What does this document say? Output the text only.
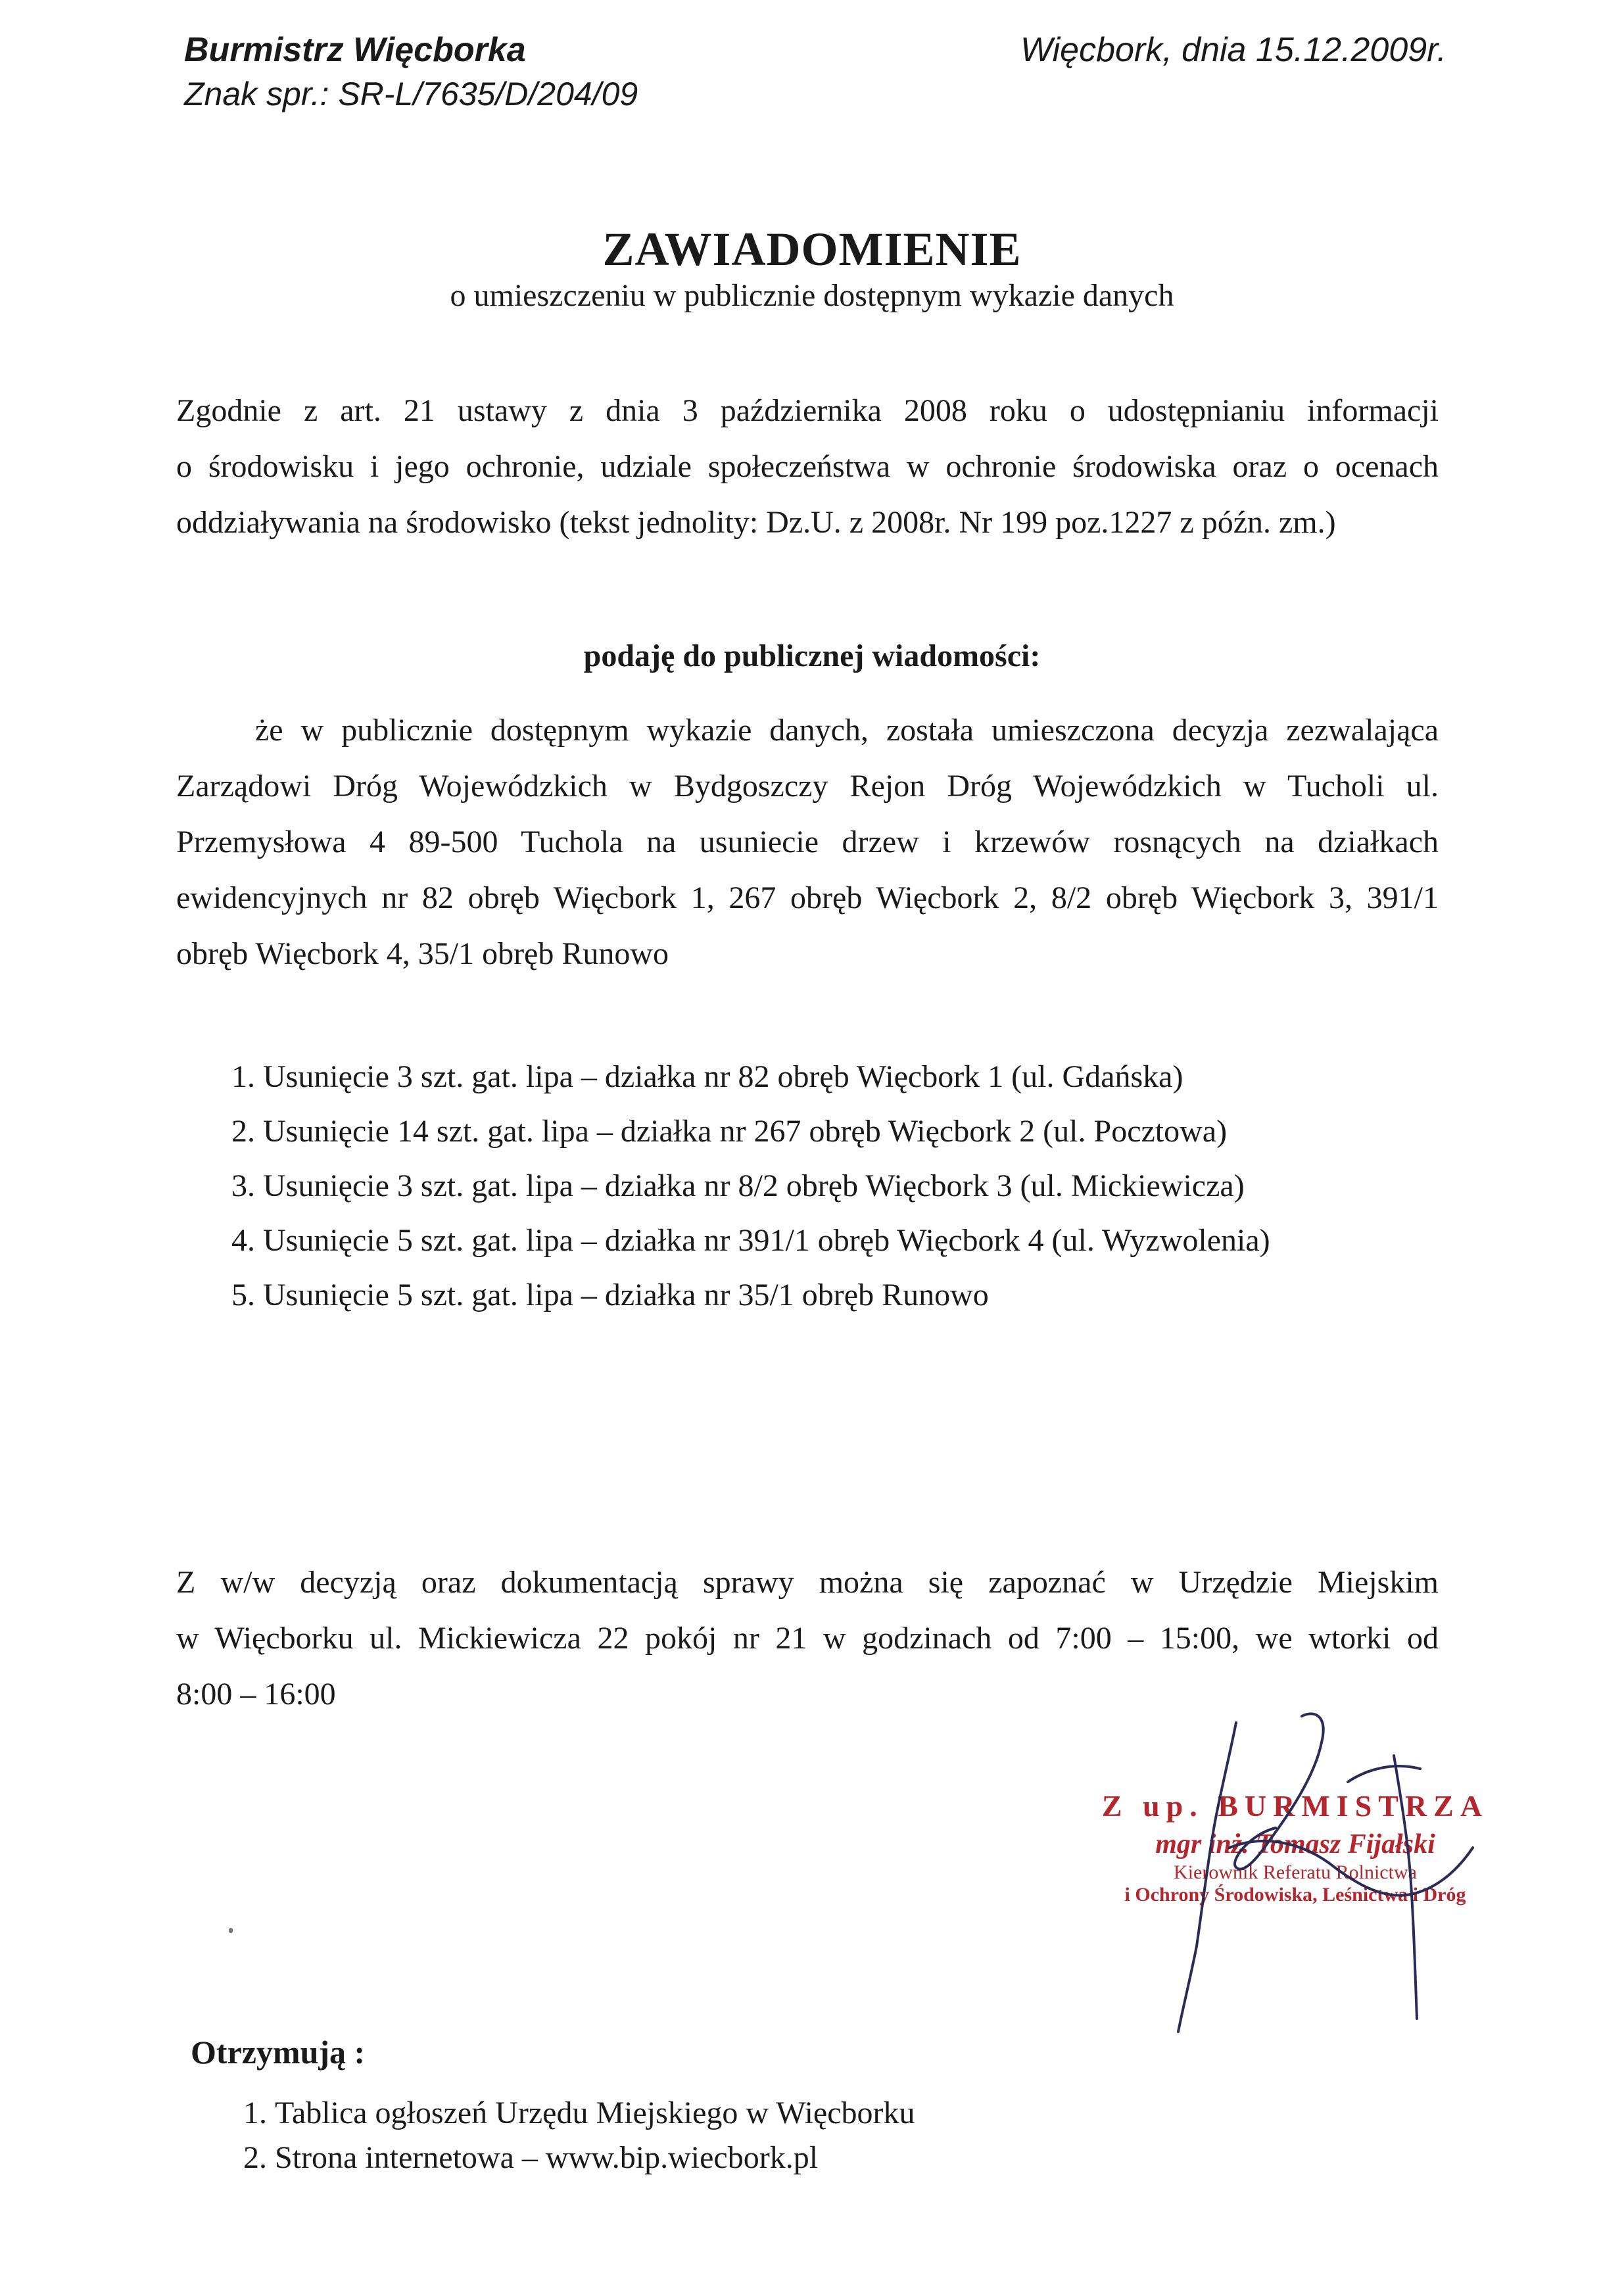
Burmistrz Więcborka
Znak spr.: SR-L/7635/D/204/09
Więcbork, dnia 15.12.2009r.
ZAWIADOMIENIE
o umieszczeniu w publicznie dostępnym wykazie danych
Zgodnie z art. 21 ustawy z dnia 3 października 2008 roku o udostępnianiu informacji
o środowisku i jego ochronie, udziale społeczeństwa w ochronie środowiska oraz o ocenach
oddziaływania na środowisko (tekst jednolity: Dz.U. z 2008r. Nr 199 poz.1227 z późn. zm.)
podaję do publicznej wiadomości:
że w publicznie dostępnym wykazie danych, została umieszczona decyzja zezwalająca
Zarządowi Dróg Wojewódzkich w Bydgoszczy Rejon Dróg Wojewódzkich w Tucholi ul.
Przemysłowa 4 89-500 Tuchola na usuniecie drzew i krzewów rosnących na działkach
ewidencyjnych nr 82 obręb Więcbork 1, 267 obręb Więcbork 2, 8/2 obręb Więcbork 3, 391/1
obręb Więcbork 4, 35/1 obręb Runowo
1. Usunięcie 3 szt. gat. lipa – działka nr 82 obręb Więcbork 1 (ul. Gdańska)
2. Usunięcie 14 szt. gat. lipa – działka nr 267 obręb Więcbork 2 (ul. Pocztowa)
3. Usunięcie 3 szt. gat. lipa – działka nr 8/2 obręb Więcbork 3 (ul. Mickiewicza)
4. Usunięcie 5 szt. gat. lipa – działka nr 391/1 obręb Więcbork 4 (ul. Wyzwolenia)
5. Usunięcie 5 szt. gat. lipa – działka nr 35/1 obręb Runowo
Z w/w decyzją oraz dokumentacją sprawy można się zapoznać w Urzędzie Miejskim
w Więcborku ul. Mickiewicza 22 pokój nr 21 w godzinach od 7:00 – 15:00, we wtorki od
8:00 – 16:00
Z up. BURMISTRZA
mgr inż. Tomasz Fijałski
Kierownik Referatu Rolnictwa
i Ochrony Środowiska, Leśnictwa i Dróg
Otrzymują :
1. Tablica ogłoszeń Urzędu Miejskiego w Więcborku
2. Strona internetowa – www.bip.wiecbork.pl
